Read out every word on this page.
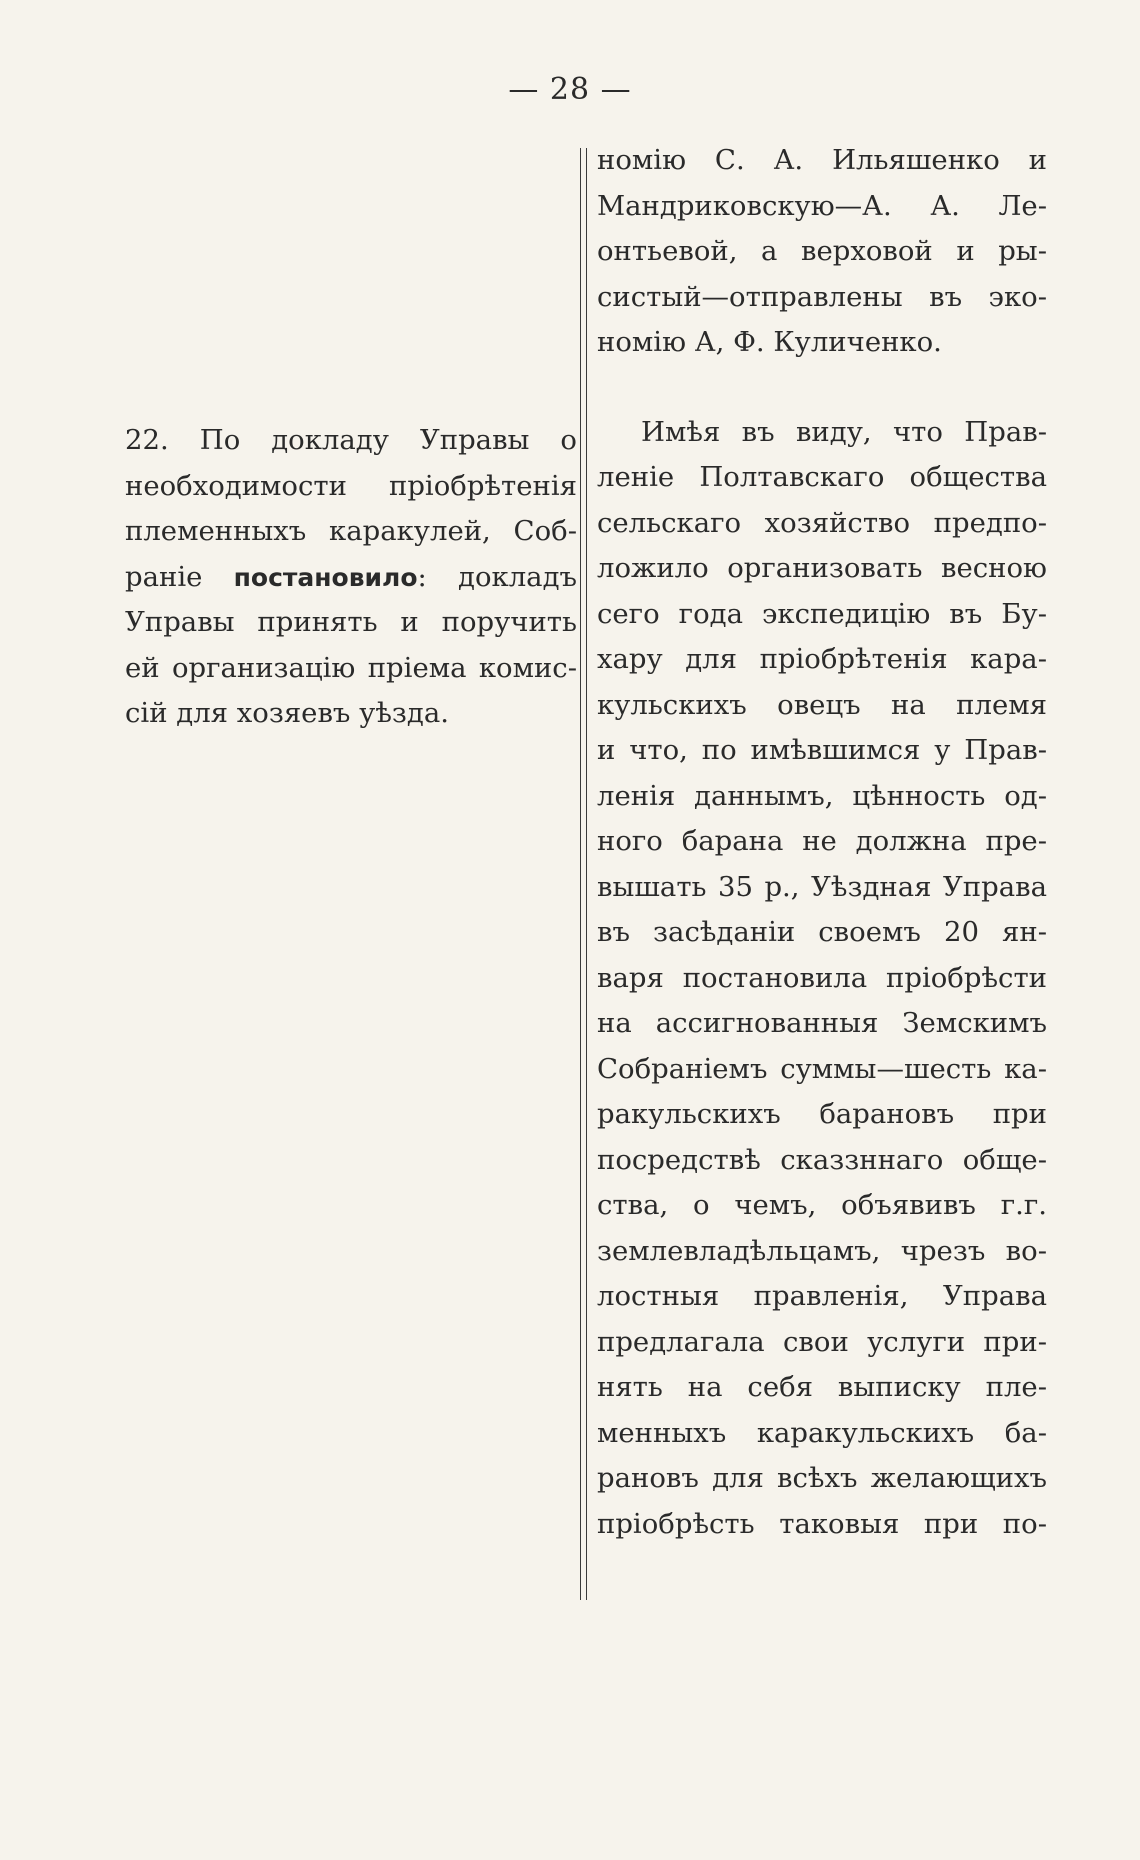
— 28 —
22. По докладу Управы о
необходимости пріобрѣтенія
племенныхъ каракулей, Соб-
раніе постановило: докладъ
Управы принять и поручить
ей организацію пріема комис-
сій для хозяевъ уѣзда.
номію С. А. Ильяшенко и
Мандриковскую—А. А. Ле-
онтьевой, а верховой и ры-
систый—отправлены въ эко-
номію А, Ф. Куличенко.
Имѣя въ виду, что Прав-
леніе Полтавскаго общества
сельскаго хозяйство предпо-
ложило организовать весною
сего года экспедицію въ Бу-
хару для пріобрѣтенія кара-
кульскихъ овецъ на племя
и что, по имѣвшимся у Прав-
ленія даннымъ, цѣнность од-
ного барана не должна пре-
вышать 35 р., Уѣздная Управа
въ засѣданіи своемъ 20 ян-
варя постановила пріобрѣсти
на ассигнованныя Земскимъ
Собраніемъ суммы—шесть ка-
ракульскихъ барановъ при
посредствѣ сказзннаго обще-
ства, о чемъ, объявивъ г.г.
землевладѣльцамъ, чрезъ во-
лостныя правленія, Управа
предлагала свои услуги при-
нять на себя выписку пле-
менныхъ каракульскихъ ба-
рановъ для всѣхъ желающихъ
пріобрѣсть таковыя при по-
